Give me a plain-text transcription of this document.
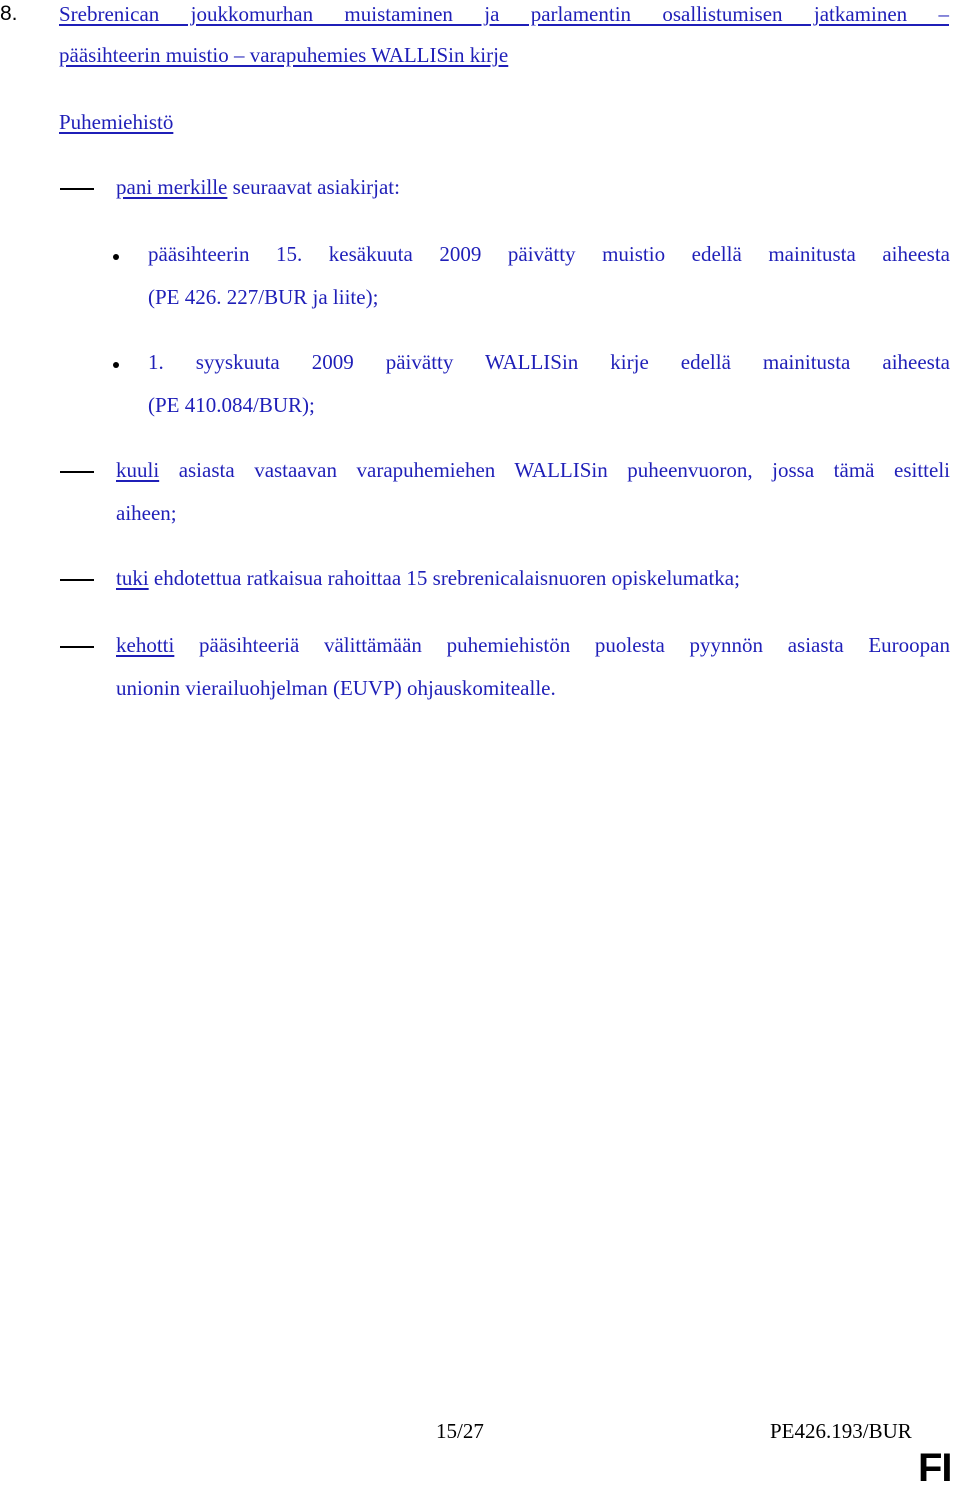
8. Srebrenican joukkomurhan muistaminen ja parlamentin osallistumisen jatkaminen –
pääsihteerin muistio – varapuhemies WALLISin kirje
Puhemiehistö
pani merkille seuraavat asiakirjat:
pääsihteerin 15. kesäkuuta 2009 päivätty muistio edellä mainitusta aiheesta
(PE 426. 227/BUR ja liite);
1. syyskuuta 2009 päivätty WALLISin kirje edellä mainitusta aiheesta
(PE 410.084/BUR);
kuuli asiasta vastaavan varapuhemiehen WALLISin puheenvuoron, jossa tämä esitteli
aiheen;
tuki ehdotettua ratkaisua rahoittaa 15 srebrenicalaisnuoren opiskelumatka;
kehotti pääsihteeriä välittämään puhemiehistön puolesta pyynnön asiasta Euroopan
unionin vierailuohjelman (EUVP) ohjauskomitealle.
15/27	PE426.193/BUR
FI
